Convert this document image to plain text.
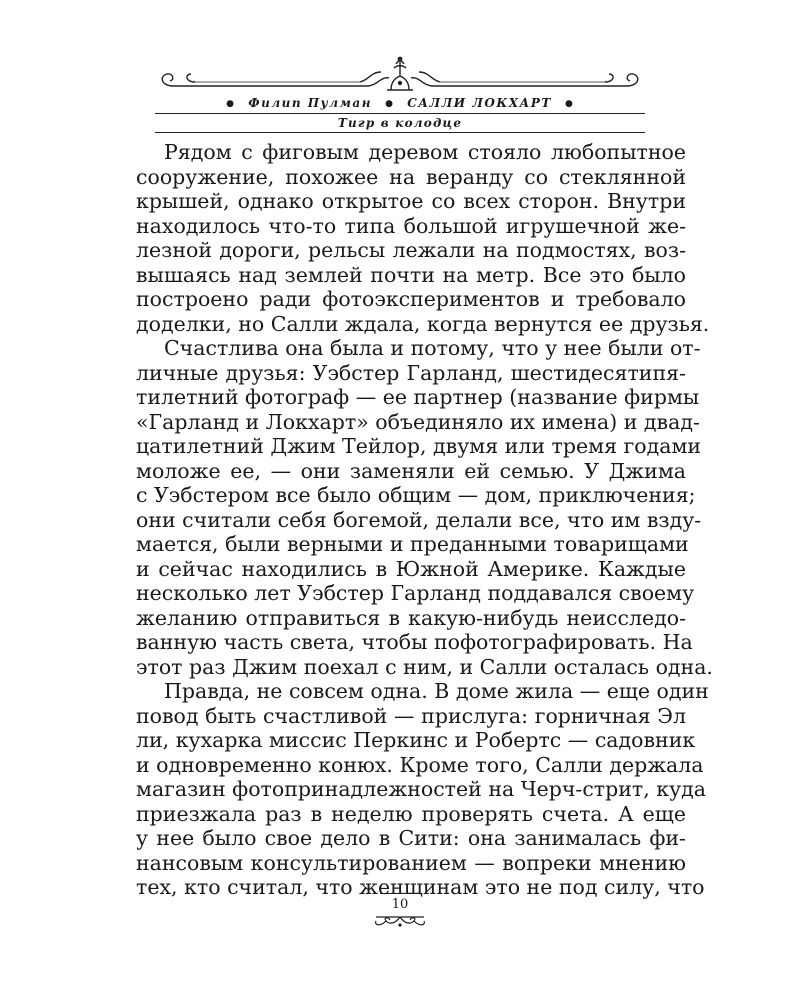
● Филип Пулман ● САЛЛИ ЛОКХАРТ ●
Тигр в колодце
Рядом с фиговым деревом стояло любопытное
сооружение, похожее на веранду со стеклянной
крышей, однако открытое со всех сторон. Внутри
находилось что-то типа большой игрушечной же-
лезной дороги, рельсы лежали на подмостях, воз-
вышаясь над землей почти на метр. Все это было
построено ради фотоэкспериментов и требовало
доделки, но Салли ждала, когда вернутся ее друзья.
Счастлива она была и потому, что у нее были от-
личные друзья: Уэбстер Гарланд, шестидесятипя-
тилетний фотограф — ее партнер (название фирмы
«Гарланд и Локхарт» объединяло их имена) и двад-
цатилетний Джим Тейлор, двумя или тремя годами
моложе ее, — они заменяли ей семью. У Джима
с Уэбстером все было общим — дом, приключения;
они считали себя богемой, делали все, что им взду-
мается, были верными и преданными товарищами
и сейчас находились в Южной Америке. Каждые
несколько лет Уэбстер Гарланд поддавался своему
желанию отправиться в какую-нибудь неисследо-
ванную часть света, чтобы пофотографировать. На
этот раз Джим поехал с ним, и Салли осталась одна.
Правда, не совсем одна. В доме жила — еще один
повод быть счастливой — прислуга: горничная Эл
ли, кухарка миссис Перкинс и Робертс — садовник
и одновременно конюх. Кроме того, Салли держала
магазин фотопринадлежностей на Черч-стрит, куда
приезжала раз в неделю проверять счета. А еще
у нее было свое дело в Сити: она занималась фи-
нансовым консультированием — вопреки мнению
тех, кто считал, что женщинам это не под силу, что
10
